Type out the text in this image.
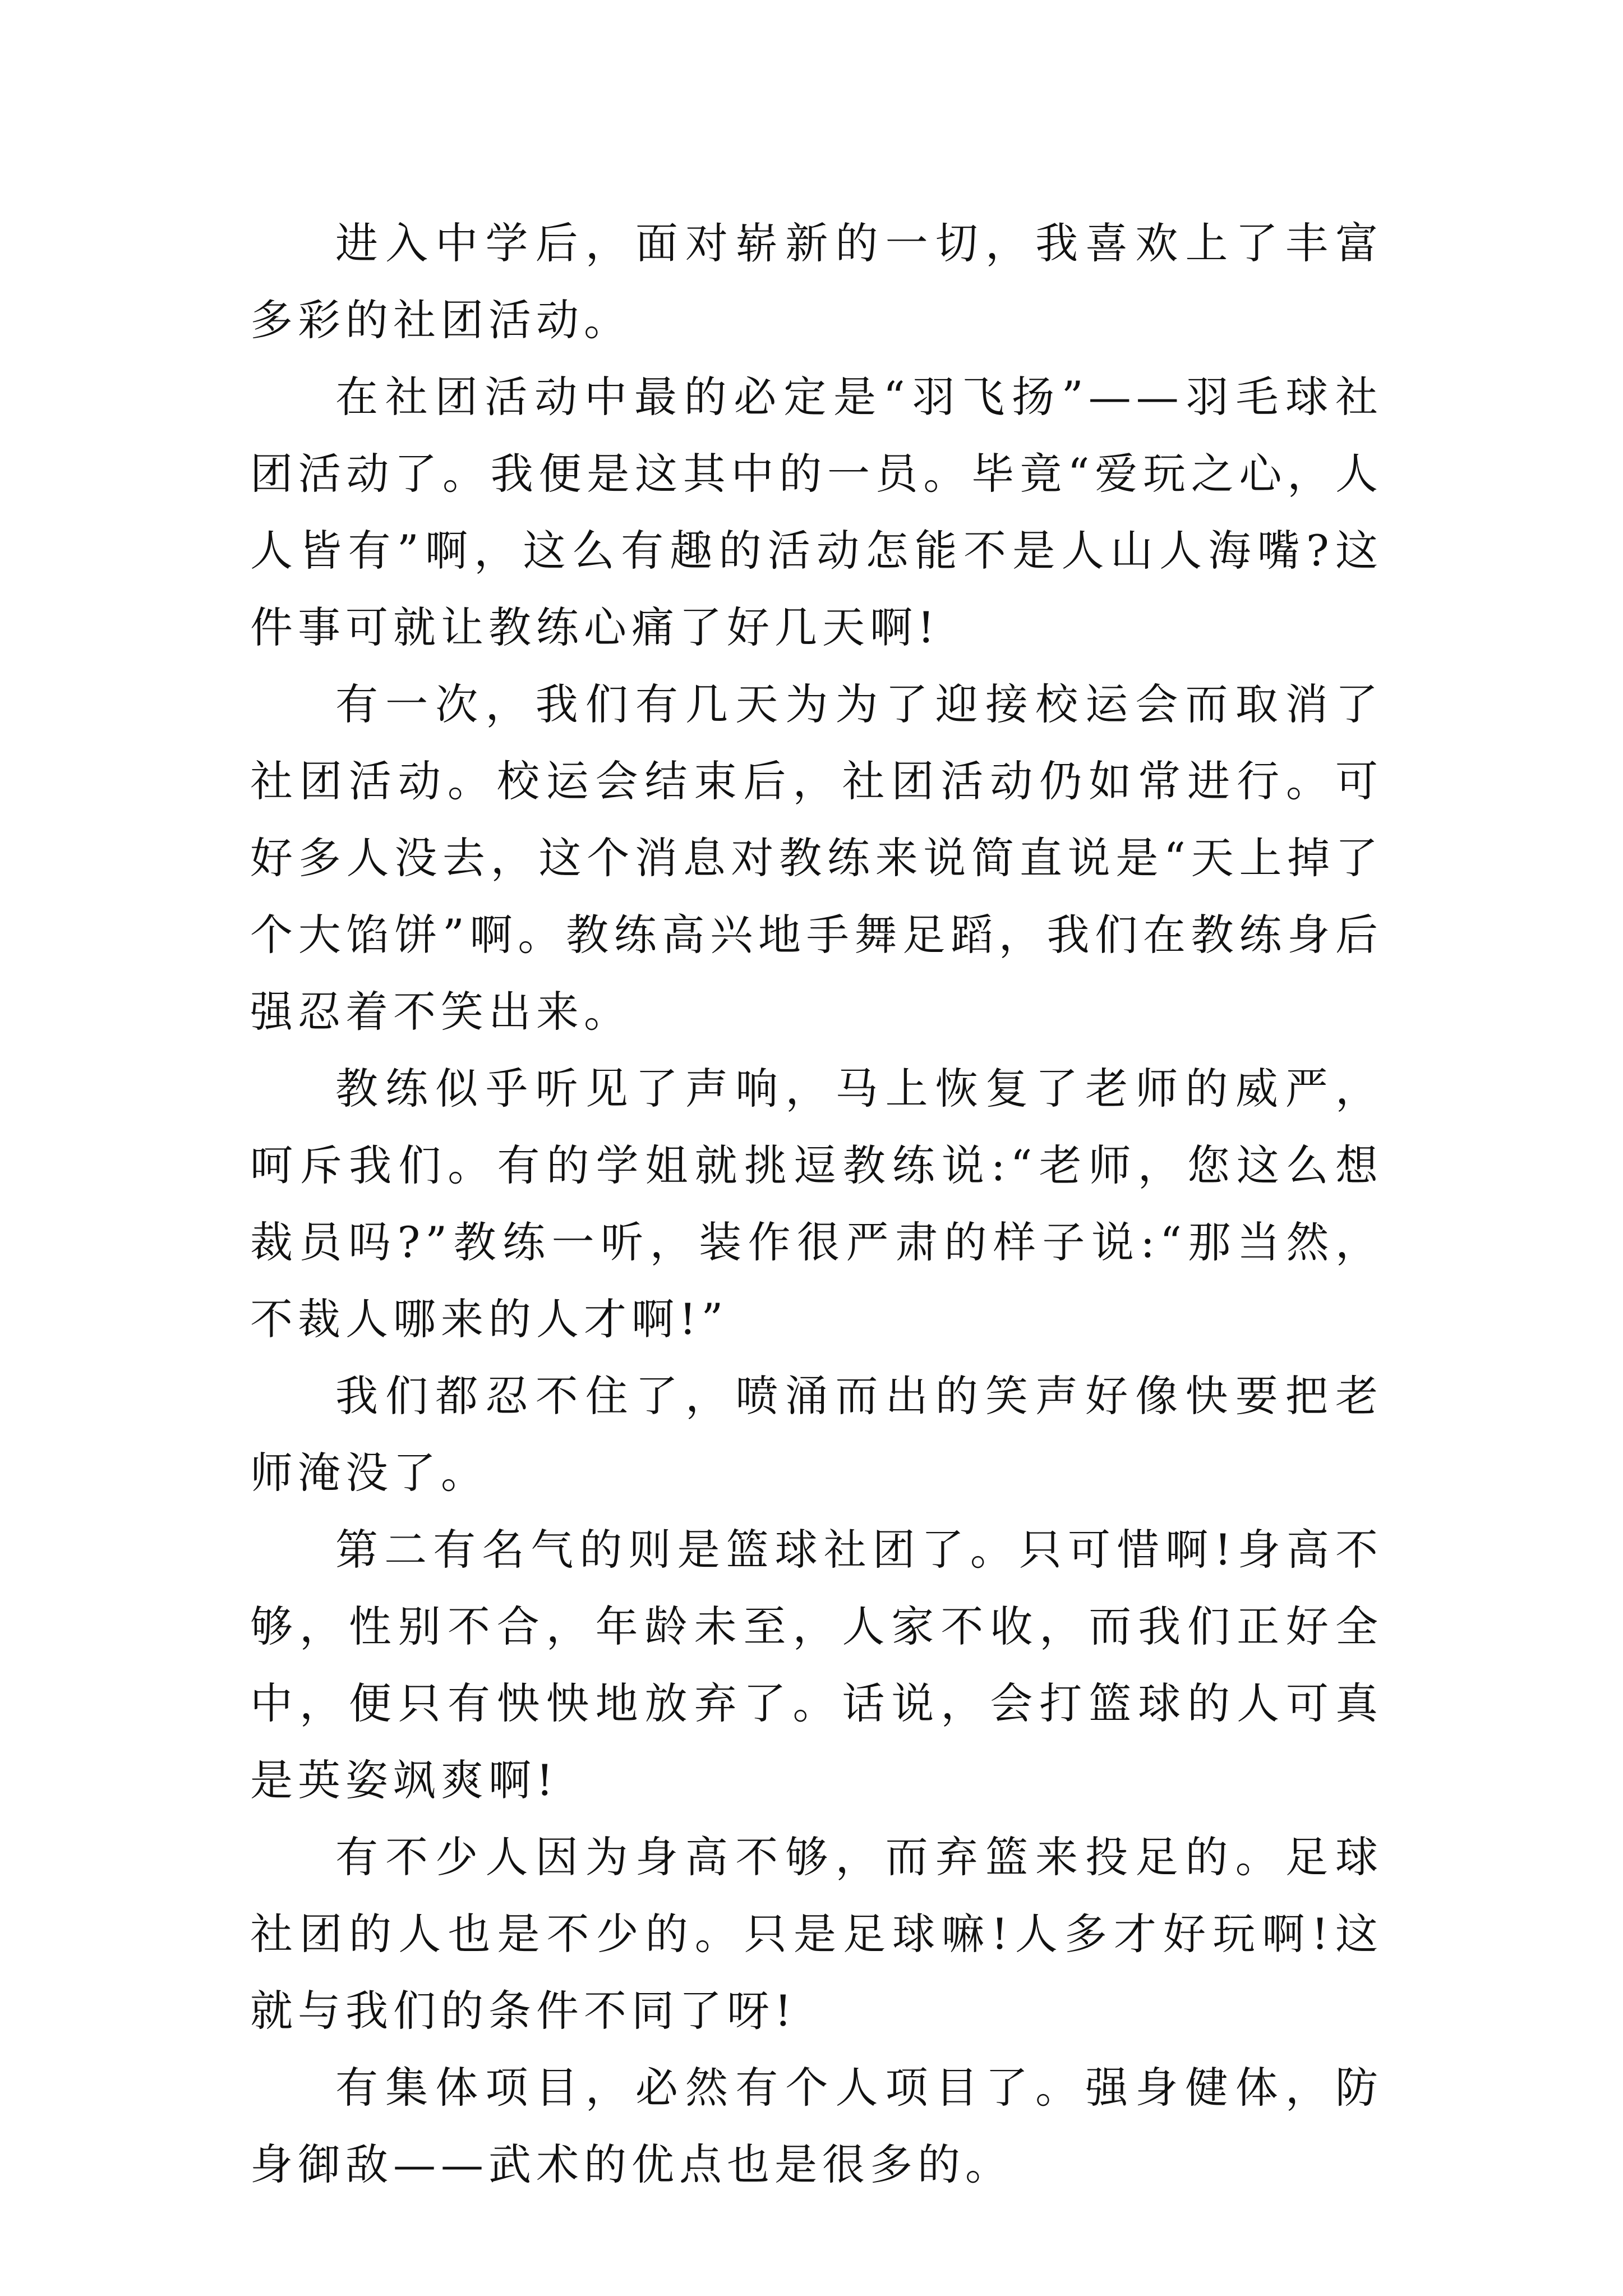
进入中学后，面对崭新的一切，我喜欢上了丰富多彩的社团活动。

在社团活动中最的必定是“羽飞扬”——羽毛球社团活动了。我便是这其中的一员。毕竟“爱玩之心，人人皆有”啊，这么有趣的活动怎能不是人山人海嘴?这件事可就让教练心痛了好几天啊!

有一次，我们有几天为为了迎接校运会而取消了社团活动。校运会结束后，社团活动仍如常进行。可好多人没去，这个消息对教练来说简直说是“天上掉了个大馅饼”啊。教练高兴地手舞足蹈，我们在教练身后强忍着不笑出来。

教练似乎听见了声响，马上恢复了老师的威严，呵斥我们。有的学姐就挑逗教练说:“老师，您这么想裁员吗?”教练一听，装作很严肃的样子说:“那当然，不裁人哪来的人才啊!”

我们都忍不住了，喷涌而出的笑声好像快要把老师淹没了。

第二有名气的则是篮球社团了。只可惜啊!身高不够，性别不合，年龄未至，人家不收，而我们正好全中，便只有怏怏地放弃了。话说，会打篮球的人可真是英姿飒爽啊!

有不少人因为身高不够，而弃篮来投足的。足球社团的人也是不少的。只是足球嘛!人多才好玩啊!这就与我们的条件不同了呀!

有集体项目，必然有个人项目了。强身健体，防身御敌——武术的优点也是很多的。
